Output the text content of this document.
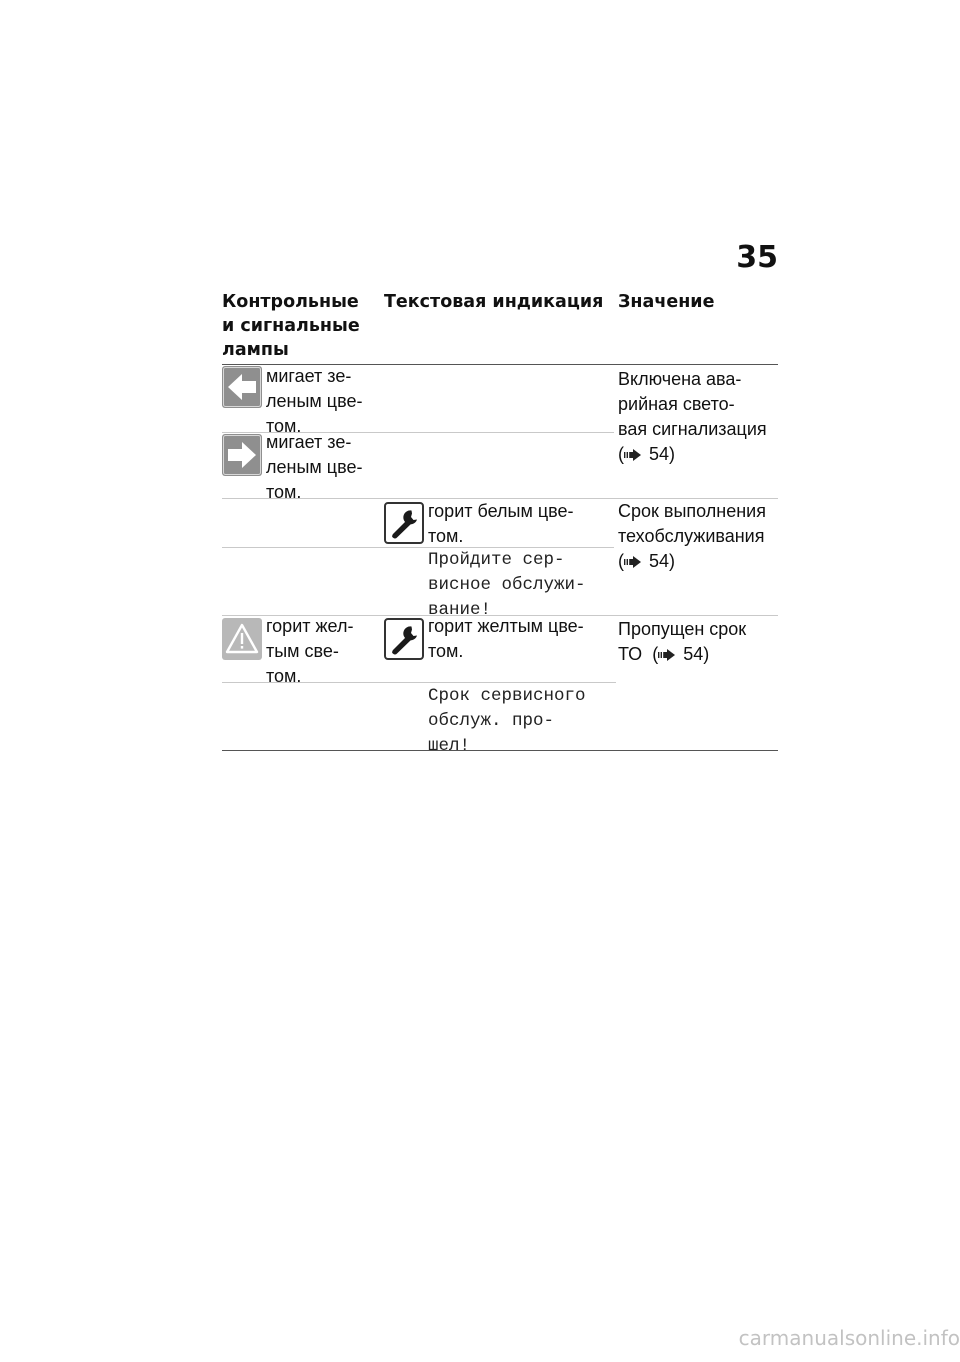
35
Контрольные
и сигнальные
лампы
Текстовая индикация Значение
мигает зе-
леным цве-
том.
мигает зе-
леным цве-
том.
Включена ава-
рийная свето-
вая сигнализация
( 54)
горит белым цве-
том.
Срок выполнения
техобслуживания
( 54)
Пройдите сер-
висное обслужи-
вание!
горит жел-
тым све-
том.
горит желтым цве-
том.
Пропущен срок
ТО  ( 54)
Срок сервисного
обслуж. про-
шел!
carmanualsonline.info
